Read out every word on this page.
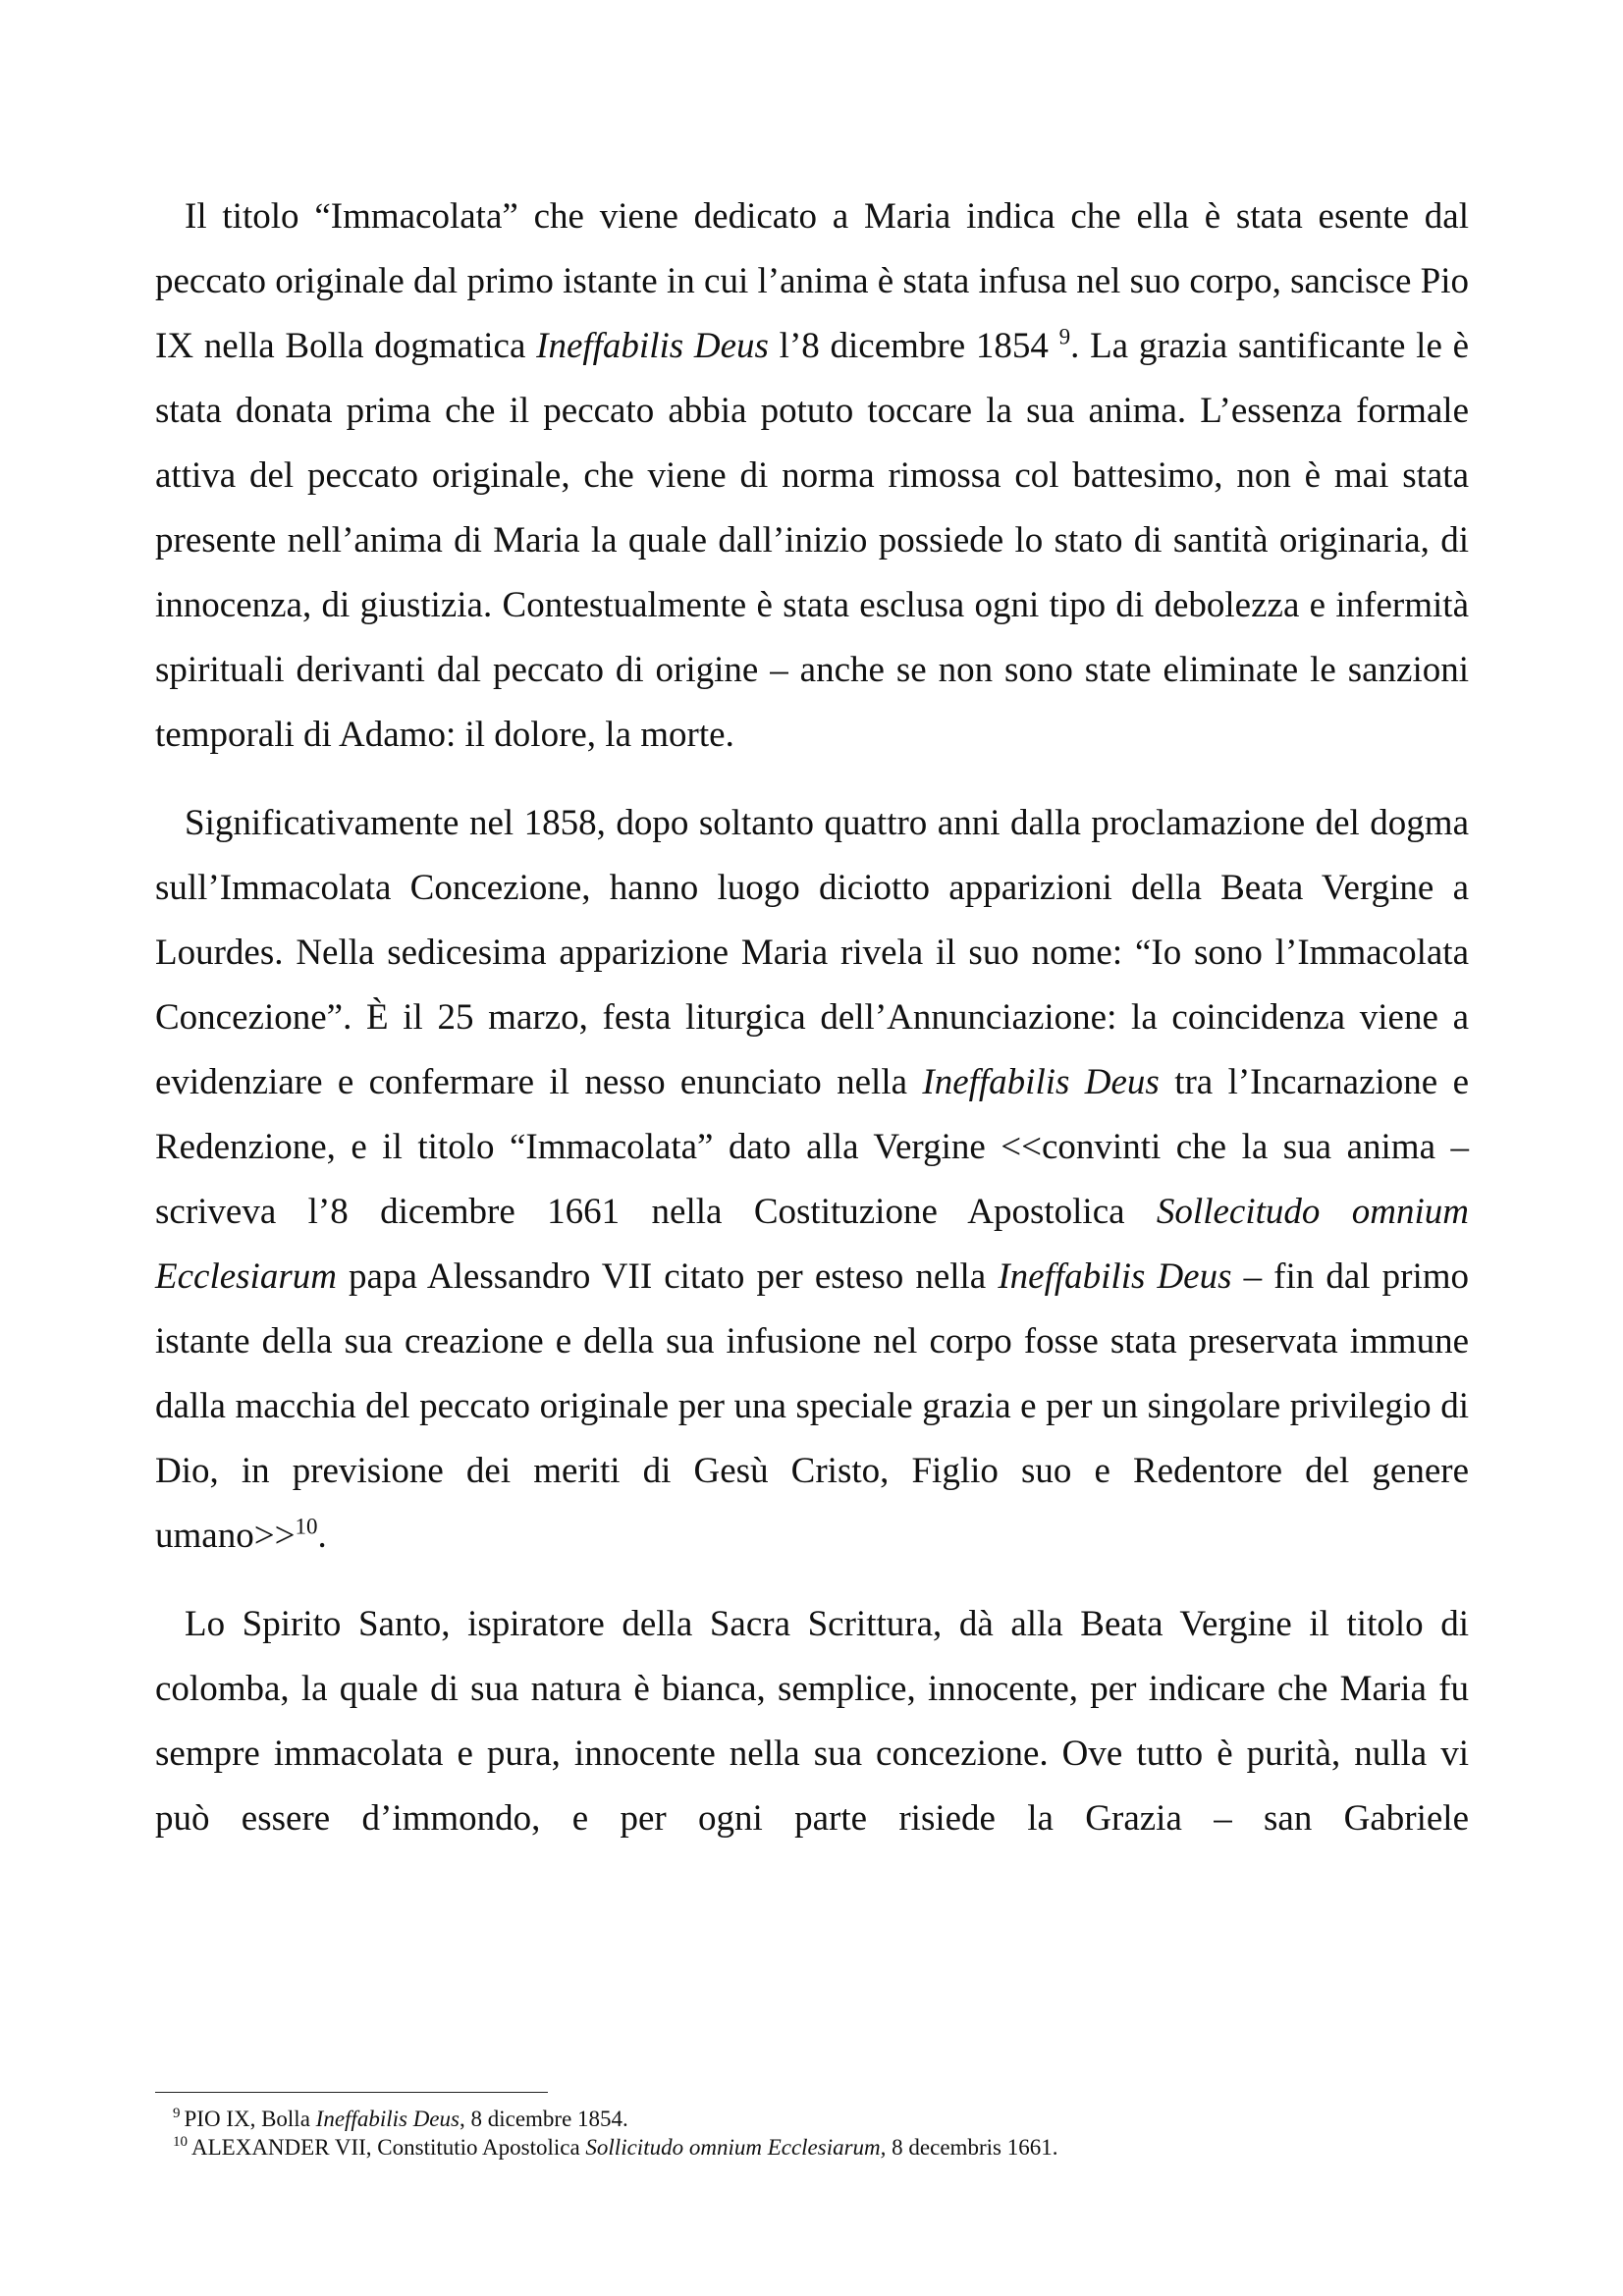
Il titolo “Immacolata” che viene dedicato a Maria indica che ella è stata esente dal peccato originale dal primo istante in cui l’anima è stata infusa nel suo corpo, sancisce Pio IX nella Bolla dogmatica Ineffabilis Deus l’8 dicembre 1854 $^9$. La grazia santificante le è stata donata prima che il peccato abbia potuto toccare la sua anima. L’essenza formale attiva del peccato originale, che viene di norma rimossa col battesimo, non è mai stata presente nell’anima di Maria la quale dall’inizio possiede lo stato di santità originaria, di innocenza, di giustizia. Contestualmente è stata esclusa ogni tipo di debolezza e infermità spirituali derivanti dal peccato di origine – anche se non sono state eliminate le sanzioni temporali di Adamo: il dolore, la morte.

Significativamente nel 1858, dopo soltanto quattro anni dalla proclamazione del dogma sull’Immacolata Concezione, hanno luogo diciotto apparizioni della Beata Vergine a Lourdes. Nella sedicesima apparizione Maria rivela il suo nome: “Io sono l’Immacolata Concezione”. È il 25 marzo, festa liturgica dell’Annunciazione: la coincidenza viene a evidenziare e confermare il nesso enunciato nella Ineffabilis Deus tra l’Incarnazione e Redenzione, e il titolo “Immacolata” dato alla Vergine <<convinti che la sua anima – scriveva l’8 dicembre 1661 nella Costituzione Apostolica Sollecitudo omnium Ecclesiarum papa Alessandro VII citato per esteso nella Ineffabilis Deus – fin dal primo istante della sua creazione e della sua infusione nel corpo fosse stata preservata immune dalla macchia del peccato originale per una speciale grazia e per un singolare privilegio di Dio, in previsione dei meriti di Gesù Cristo, Figlio suo e Redentore del genere umano>>$^{10}$.

Lo Spirito Santo, ispiratore della Sacra Scrittura, dà alla Beata Vergine il titolo di colomba, la quale di sua natura è bianca, semplice, innocente, per indicare che Maria fu sempre immacolata e pura, innocente nella sua concezione. Ove tutto è purità, nulla vi può essere d’immondo, e per ogni parte risiede la Grazia – san Gabriele

$^9$ PIO IX, Bolla Ineffabilis Deus, 8 dicembre 1854.

$^{10}$ ALEXANDER VII, Constitutio Apostolica Sollicitudo omnium Ecclesiarum, 8 decembris 1661.
